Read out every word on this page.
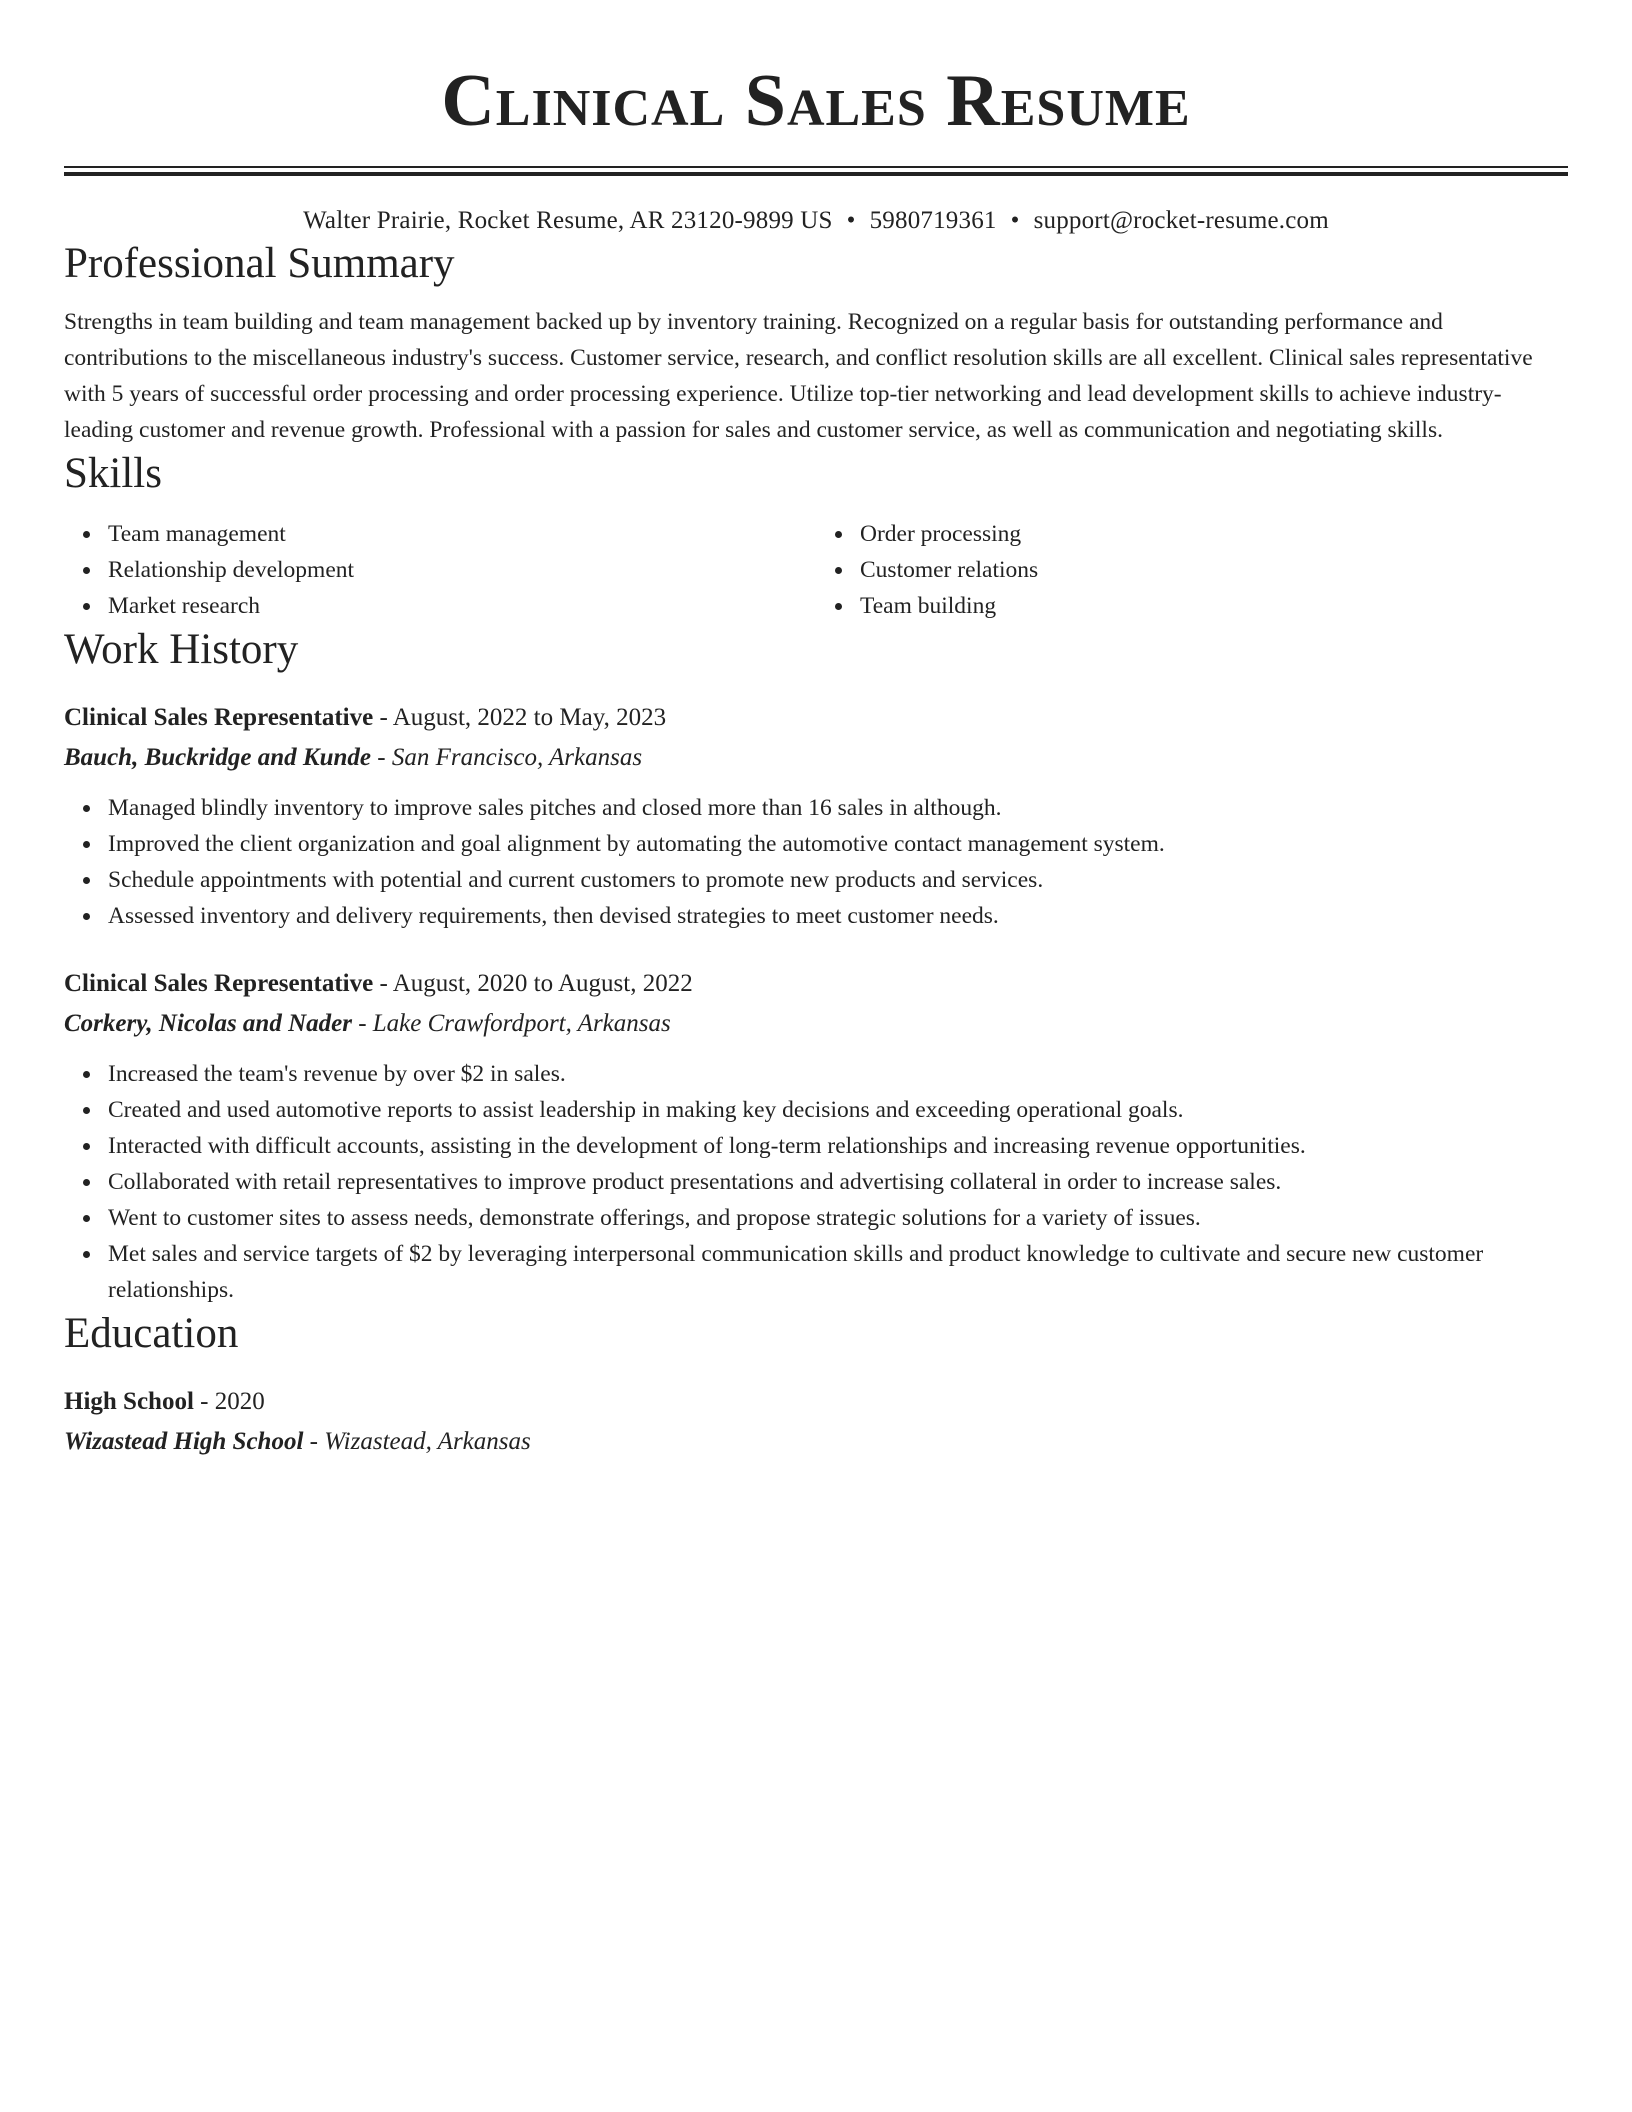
Clinical Sales Resume
Walter Prairie, Rocket Resume, AR 23120-9899 US • 5980719361 • support@rocket-resume.com
Professional Summary

Strengths in team building and team management backed up by inventory training. Recognized on a regular basis for outstanding performance and contributions to the miscellaneous industry's success. Customer service, research, and conflict resolution skills are all excellent. Clinical sales representative with 5 years of successful order processing and order processing experience. Utilize top-tier networking and lead development skills to achieve industry-leading customer and revenue growth. Professional with a passion for sales and customer service, as well as communication and negotiating skills.

Skills
Team management
Relationship development
Market research
Order processing
Customer relations
Team building
Work History
Clinical Sales Representative - August, 2022 to May, 2023
Bauch, Buckridge and Kunde - San Francisco, Arkansas
Managed blindly inventory to improve sales pitches and closed more than 16 sales in although.
Improved the client organization and goal alignment by automating the automotive contact management system.
Schedule appointments with potential and current customers to promote new products and services.
Assessed inventory and delivery requirements, then devised strategies to meet customer needs.
Clinical Sales Representative - August, 2020 to August, 2022
Corkery, Nicolas and Nader - Lake Crawfordport, Arkansas
Increased the team's revenue by over $2 in sales.
Created and used automotive reports to assist leadership in making key decisions and exceeding operational goals.
Interacted with difficult accounts, assisting in the development of long-term relationships and increasing revenue opportunities.
Collaborated with retail representatives to improve product presentations and advertising collateral in order to increase sales.
Went to customer sites to assess needs, demonstrate offerings, and propose strategic solutions for a variety of issues.
Met sales and service targets of $2 by leveraging interpersonal communication skills and product knowledge to cultivate and secure new customer relationships.
Education
High School - 2020
Wizastead High School - Wizastead, Arkansas
